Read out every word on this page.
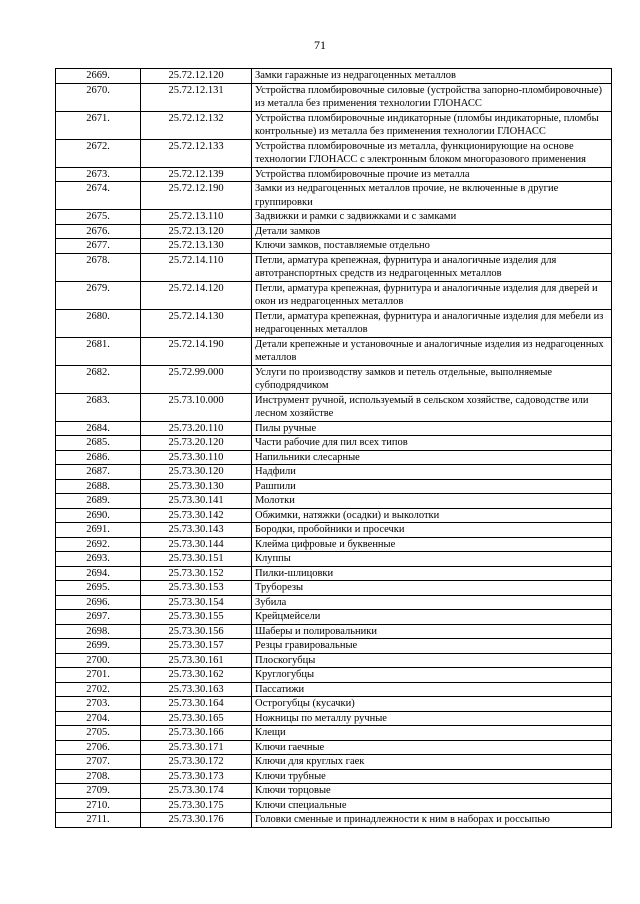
71
2669.	25.72.12.120	Замки гаражные из недрагоценных металлов
2670.	25.72.12.131	Устройства пломбировочные силовые (устройства запорно-пломбировочные) из металла без применения технологии ГЛОНАСС
2671.	25.72.12.132	Устройства пломбировочные индикаторные (пломбы индикаторные, пломбы контрольные) из металла без применения технологии ГЛОНАСС
2672.	25.72.12.133	Устройства пломбировочные из металла, функционирующие на основе технологии ГЛОНАСС с электронным блоком многоразового применения
2673.	25.72.12.139	Устройства пломбировочные прочие из металла
2674.	25.72.12.190	Замки из недрагоценных металлов прочие, не включенные в другие группировки
2675.	25.72.13.110	Задвижки и рамки с задвижками и с замками
2676.	25.72.13.120	Детали замков
2677.	25.72.13.130	Ключи замков, поставляемые отдельно
2678.	25.72.14.110	Петли, арматура крепежная, фурнитура и аналогичные изделия для автотранспортных средств из недрагоценных металлов
2679.	25.72.14.120	Петли, арматура крепежная, фурнитура и аналогичные изделия для дверей и окон из недрагоценных металлов
2680.	25.72.14.130	Петли, арматура крепежная, фурнитура и аналогичные изделия для мебели из недрагоценных металлов
2681.	25.72.14.190	Детали крепежные и установочные и аналогичные изделия из недрагоценных металлов
2682.	25.72.99.000	Услуги по производству замков и петель отдельные, выполняемые субподрядчиком
2683.	25.73.10.000	Инструмент ручной, используемый в сельском хозяйстве, садоводстве или лесном хозяйстве
2684.	25.73.20.110	Пилы ручные
2685.	25.73.20.120	Части рабочие для пил всех типов
2686.	25.73.30.110	Напильники слесарные
2687.	25.73.30.120	Надфили
2688.	25.73.30.130	Рашпили
2689.	25.73.30.141	Молотки
2690.	25.73.30.142	Обжимки, натяжки (осадки) и выколотки
2691.	25.73.30.143	Бородки, пробойники и просечки
2692.	25.73.30.144	Клейма цифровые и буквенные
2693.	25.73.30.151	Клуппы
2694.	25.73.30.152	Пилки-шлицовки
2695.	25.73.30.153	Труборезы
2696.	25.73.30.154	Зубила
2697.	25.73.30.155	Крейцмейсели
2698.	25.73.30.156	Шаберы и полировальники
2699.	25.73.30.157	Резцы гравировальные
2700.	25.73.30.161	Плоскогубцы
2701.	25.73.30.162	Круглогубцы
2702.	25.73.30.163	Пассатижи
2703.	25.73.30.164	Острогубцы (кусачки)
2704.	25.73.30.165	Ножницы по металлу ручные
2705.	25.73.30.166	Клещи
2706.	25.73.30.171	Ключи гаечные
2707.	25.73.30.172	Ключи для круглых гаек
2708.	25.73.30.173	Ключи трубные
2709.	25.73.30.174	Ключи торцовые
2710.	25.73.30.175	Ключи специальные
2711.	25.73.30.176	Головки сменные и принадлежности к ним в наборах и россыпью
